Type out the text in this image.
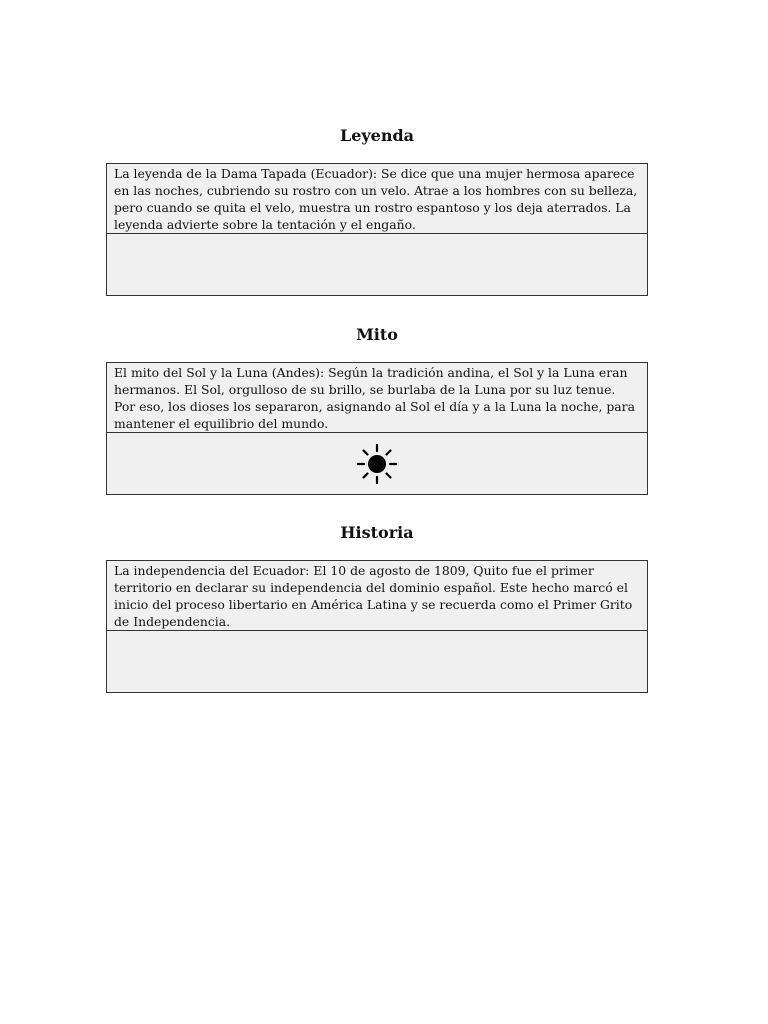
Leyenda
La leyenda de la Dama Tapada (Ecuador): Se dice que una mujer hermosa aparece en las noches, cubriendo su rostro con un velo. Atrae a los hombres con su belleza, pero cuando se quita el velo, muestra un rostro espantoso y los deja aterrados. La leyenda advierte sobre la tentación y el engaño.
Mito
El mito del Sol y la Luna (Andes): Según la tradición andina, el Sol y la Luna eran hermanos. El Sol, orgulloso de su brillo, se burlaba de la Luna por su luz tenue. Por eso, los dioses los separaron, asignando al Sol el día y a la Luna la noche, para mantener el equilibrio del mundo.
Historia
La independencia del Ecuador: El 10 de agosto de 1809, Quito fue el primer territorio en declarar su independencia del dominio español. Este hecho marcó el inicio del proceso libertario en América Latina y se recuerda como el Primer Grito de Independencia.
